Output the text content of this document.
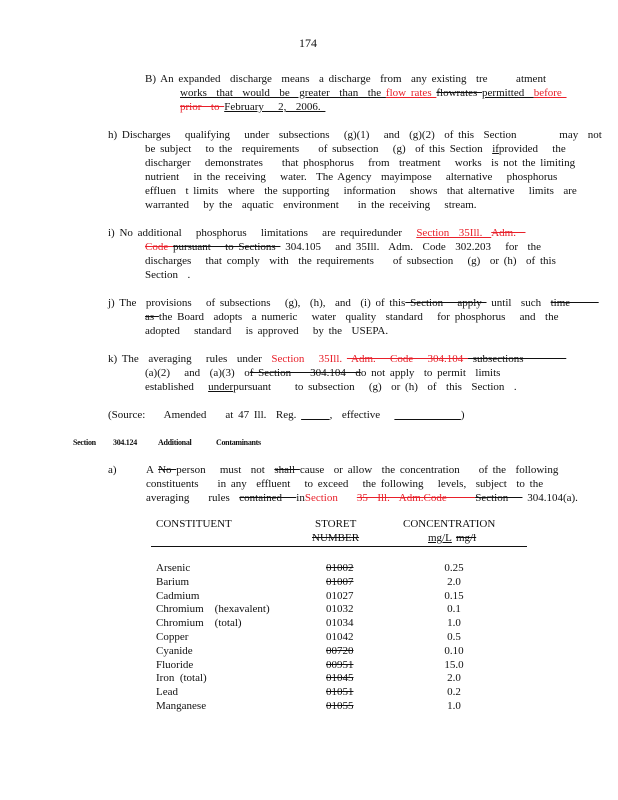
174
B) An expanded  discharge  means  a discharge  from  any existing  tre      atment
works  that  would  be  greater  than  the flow rates flowrates permitted  before
prior  to February   2,  2006.
h) Discharges   qualifying   under  subsections   (g)(1)   and  (g)(2)  of this  Section         may  not
be subject   to the  requirements    of subsection   (g)  of this Section  ifprovided   the
discharger   demonstrates    that phosphorus   from  treatment   works  is not the limiting
nutrient   in the receiving   water.  The Agency  mayimpose   alternative   phosphorus
effluen  t limits  where  the supporting   information   shows  that alternative   limits  are
warranted   by the  aquatic  environment    in the receiving   stream.
i) No additional   phosphorus   limitations   are requiredunder   Section  35Ill.  Adm.
Code pursuant   to Sections  304.105   and 35Ill.  Adm.  Code  302.203   for  the
discharges   that comply  with  the requirements    of subsection   (g)  or (h)  of this
Section  .
j) The  provisions   of subsections   (g),  (h),  and  (i) of this Section   apply  until  such  time
as the Board  adopts  a numeric   water  quality  standard   for phosphorus   and  the
adopted   standard   is approved   by the  USEPA.
k) The  averaging   rules  under  Section   35Ill.  Adm.   Code   304.104  subsections
(a)(2)   and  (a)(3)  of Section    304.104  do not apply  to permit  limits
established   underpursuant     to subsection   (g)  or (h)  of  this  Section  .
(Source:    Amended    at 47 Ill.  Reg.	,  effective	)
A No person   must  not  shall cause  or allow  the concentration    of the  following
constituents    in any  effluent   to exceed   the following   levels,  subject  to the
averaging    rules  contained   inSection    35  Ill.  Adm.Code      Section    304.104(a).
Section 304.124	Additional	Contaminants
a)
CONSTITUENT	STORET
NUMBER
CONCENTRATION
mg/L mg/l
Arsenic	01002	0.25
Barium	01007	2.0
Cadmium	01027	0.15
Chromium    (hexavalent)	01032	0.1
Chromium    (total)	01034	1.0
Copper	01042	0.5
Cyanide	00720	0.10
Fluoride	00951	15.0
Iron  (total)	01045	2.0
Lead	01051	0.2
Manganese	01055	1.0
